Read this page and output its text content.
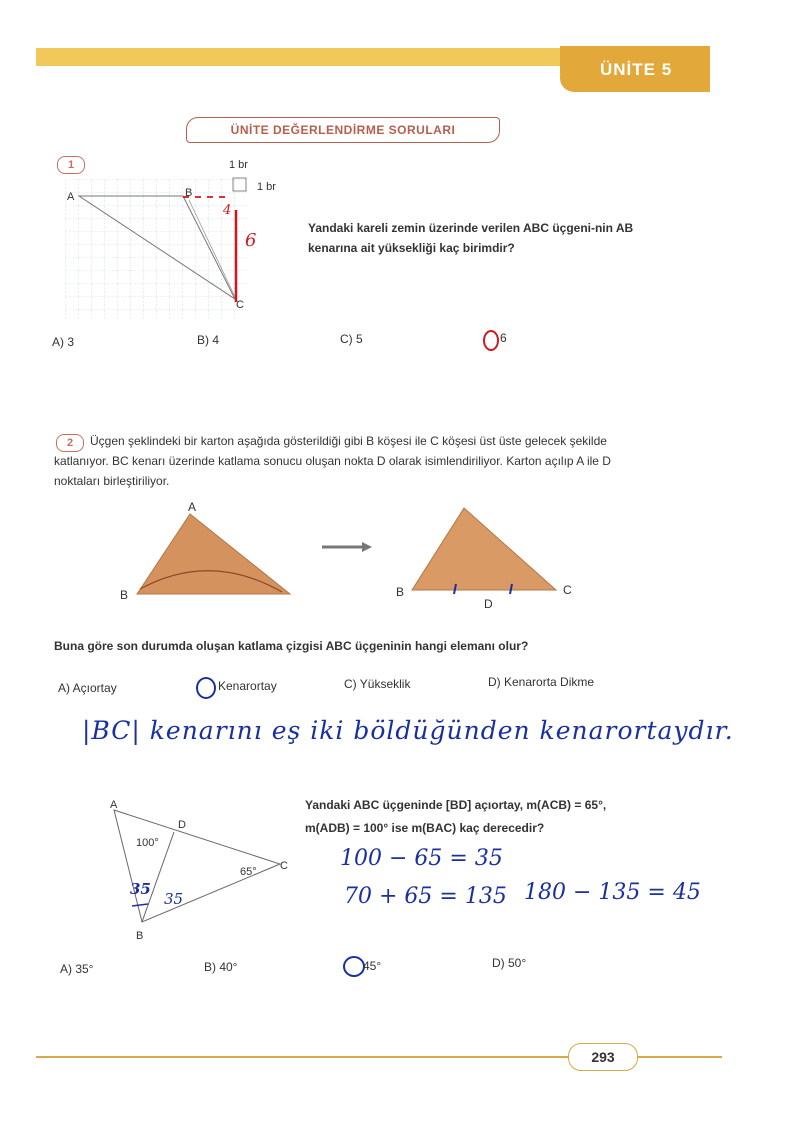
ÜNİTE 5
ÜNİTE DEĞERLENDİRME SORULARI
1	1 br
1 br
A	B
C
6
4
Yandaki kareli zemin üzerinde verilen ABC üçgeni-nin AB kenarına ait yüksekliği kaç birimdir?
A) 3	B) 4	C) 5	6
2	Üçgen şeklindeki bir karton aşağıda gösterildiği gibi B köşesi ile C köşesi üst üste gelecek şekilde katlanıyor. BC kenarı üzerinde katlama sonucu oluşan nokta D olarak isimlendiriliyor. Karton açılıp A ile D noktaları birleştiriliyor.
A
B	B	C
D
Buna göre son durumda oluşan katlama çizgisi ABC üçgeninin hangi elemanı olur?
A) Açıortay	Kenarortay	C) Yükseklik	D) Kenarorta Dikme
|BC| kenarını eş iki böldüğünden kenarortaydır.
A
D
C
B
100°
65°
35
35
Yandaki ABC üçgeninde [BD] açıortay, m(ACB) = 65°,
m(ADB) = 100° ise m(BAC) kaç derecedir?
100 − 65 = 35
70 + 65 = 135 180 − 135 = 45
A) 35°	B) 40°	45°	D) 50°
293
